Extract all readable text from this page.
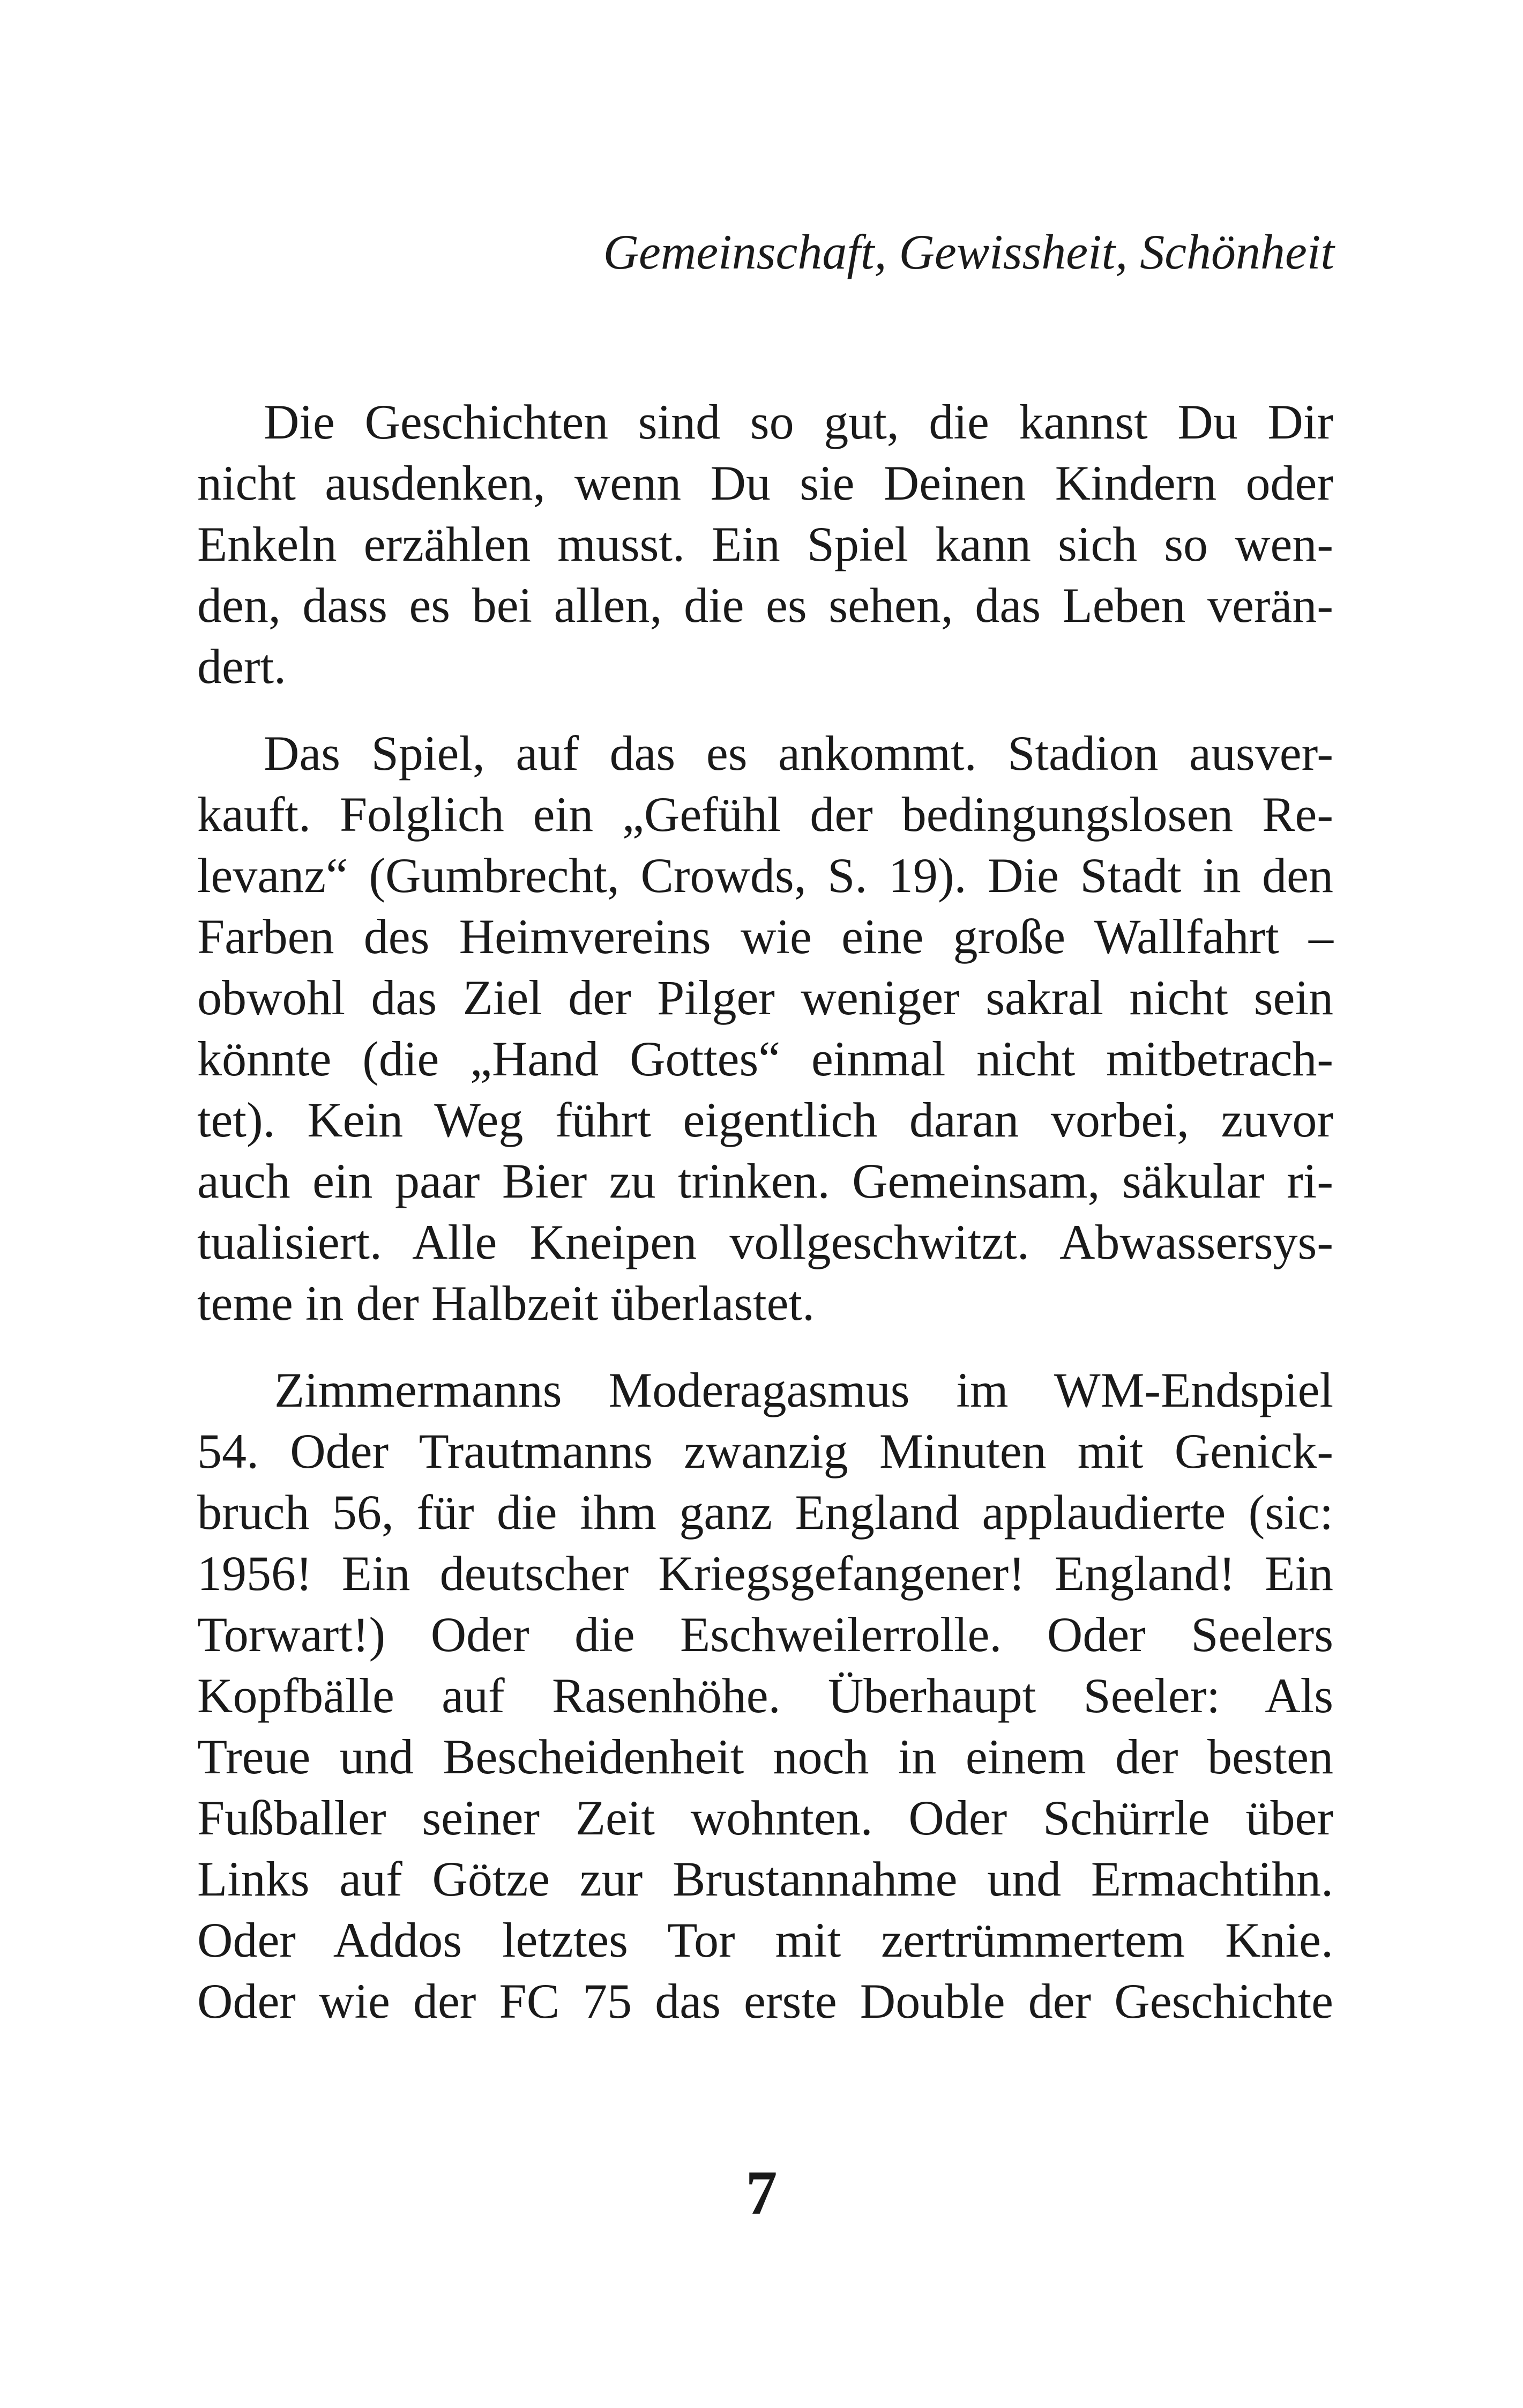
Gemeinschaft, Gewissheit, Schönheit
Die Geschichten sind so gut, die kannst Du Dir
nicht ausdenken, wenn Du sie Deinen Kindern oder
Enkeln erzählen musst. Ein Spiel kann sich so wen-
den, dass es bei allen, die es sehen, das Leben verän-
dert.
Das Spiel, auf das es ankommt. Stadion ausver-
kauft. Folglich ein „Gefühl der bedingungslosen Re-
levanz“ (Gumbrecht, Crowds, S. 19). Die Stadt in den
Farben des Heimvereins wie eine große Wallfahrt –
obwohl das Ziel der Pilger weniger sakral nicht sein
könnte (die „Hand Gottes“ einmal nicht mitbetrach-
tet). Kein Weg führt eigentlich daran vorbei, zuvor
auch ein paar Bier zu trinken. Gemeinsam, säkular ri-
tualisiert. Alle Kneipen vollgeschwitzt. Abwassersys-
teme in der Halbzeit überlastet.
Zimmermanns Moderagasmus im WM-Endspiel
54. Oder Trautmanns zwanzig Minuten mit Genick-
bruch 56, für die ihm ganz England applaudierte (sic:
1956! Ein deutscher Kriegsgefangener! England! Ein
Torwart!) Oder die Eschweilerrolle. Oder Seelers
Kopfbälle auf Rasenhöhe. Überhaupt Seeler: Als
Treue und Bescheidenheit noch in einem der besten
Fußballer seiner Zeit wohnten. Oder Schürrle über
Links auf Götze zur Brustannahme und Ermachtihn.
Oder Addos letztes Tor mit zertrümmertem Knie.
Oder wie der FC 75 das erste Double der Geschichte
7
